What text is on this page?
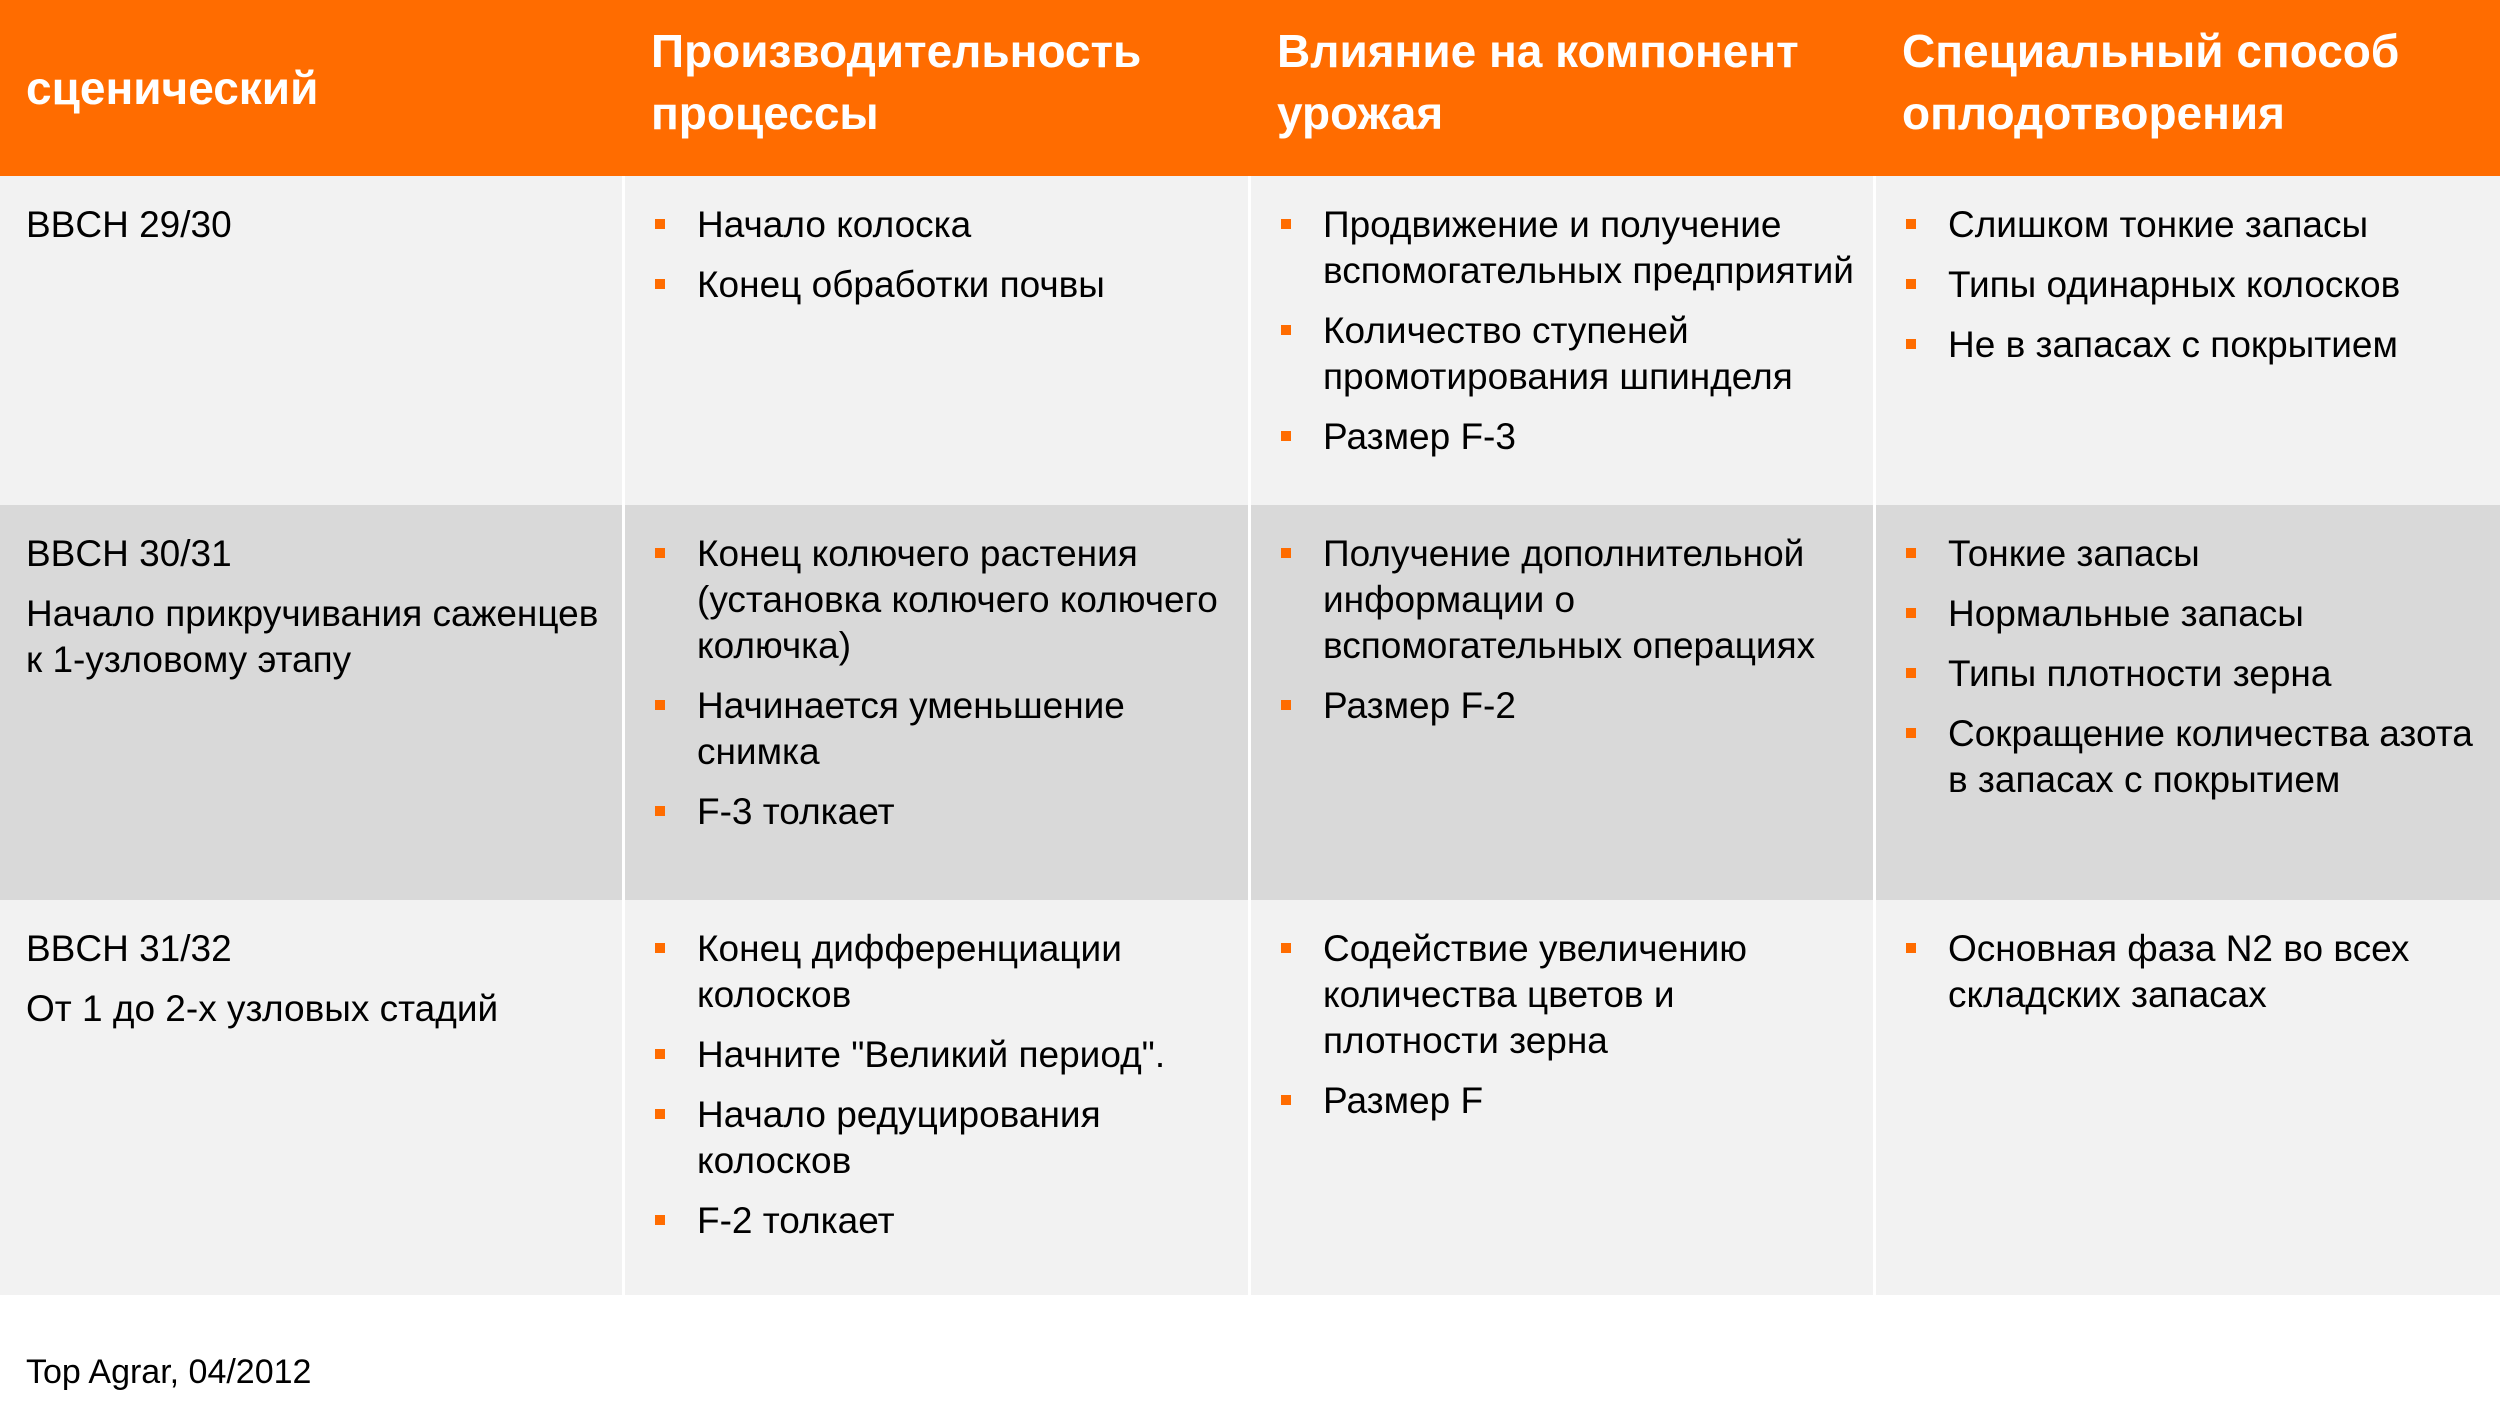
сценический
Производительность процессы
Влияние на компонент урожая
Специальный способ оплодотворения
BBCH 29/30	Начало колоска
Конец обработки почвы
Продвижение и получение вспомогательных предприятий
Количество ступеней промотирования шпинделя
Размер F-3
Слишком тонкие запасы
Типы одинарных колосков
Не в запасах с покрытием
BBCH 30/31
Начало прикручивания саженцев к 1-узловому этапу
Конец колючего растения (установка колючего колючего колючка)
Начинается уменьшение снимка
F-3 толкает
Получение дополнительной информации о вспомогательных операциях
Размер F-2
Тонкие запасы
Нормальные запасы
Типы плотности зерна
Сокращение количества азота в запасах с покрытием
BBCH 31/32
От 1 до 2-х узловых стадий
Конец дифференциации колосков
Начните "Великий период".
Начало редуцирования колосков
F-2 толкает
Содействие увеличению количества цветов и плотности зерна
Размер F
Основная фаза N2 во всех складских запасах
Top Agrar, 04/2012
